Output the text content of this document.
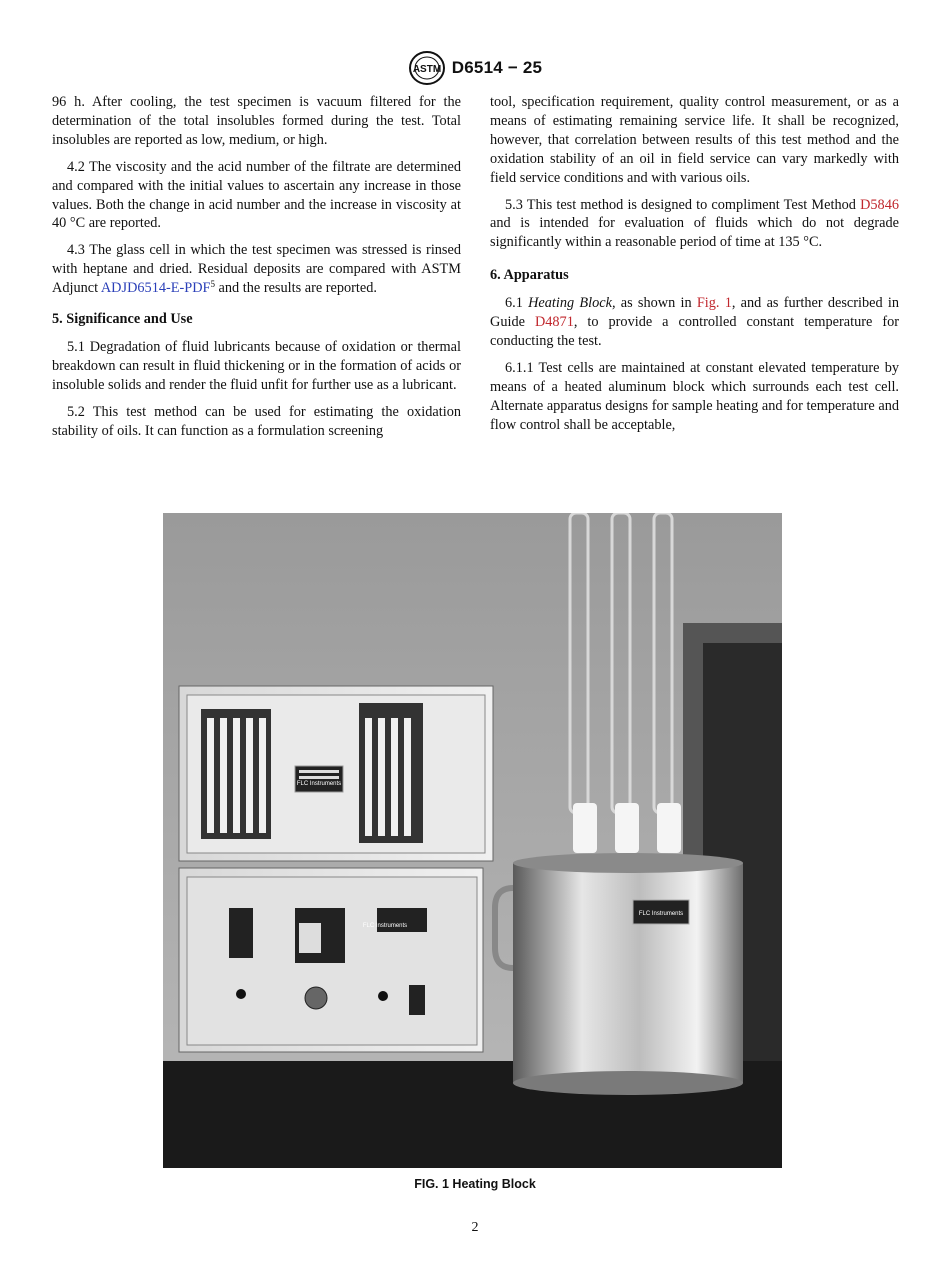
ASTM D6514 − 25

96 h. After cooling, the test specimen is vacuum filtered for the determination of the total insolubles formed during the test. Total insolubles are reported as low, medium, or high.

4.2 The viscosity and the acid number of the filtrate are determined and compared with the initial values to ascertain any increase in those values. Both the change in acid number and the increase in viscosity at 40 °C are reported.

4.3 The glass cell in which the test specimen was stressed is rinsed with heptane and dried. Residual deposits are compared with ASTM Adjunct ADJD6514-E-PDF$^5$ and the results are reported.

5. Significance and Use

5.1 Degradation of fluid lubricants because of oxidation or thermal breakdown can result in fluid thickening or in the formation of acids or insoluble solids and render the fluid unfit for further use as a lubricant.

5.2 This test method can be used for estimating the oxidation stability of oils. It can function as a formulation screening

tool, specification requirement, quality control measurement, or as a means of estimating remaining service life. It shall be recognized, however, that correlation between results of this test method and the oxidation stability of an oil in field service can vary markedly with field service conditions and with various oils.

5.3 This test method is designed to compliment Test Method D5846 and is intended for evaluation of fluids which do not degrade significantly within a reasonable period of time at 135 °C.

6. Apparatus

6.1 Heating Block, as shown in Fig. 1, and as further described in Guide D4871, to provide a controlled constant temperature for conducting the test.

6.1.1 Test cells are maintained at constant elevated temperature by means of a heated aluminum block which surrounds each test cell. Alternate apparatus designs for sample heating and for temperature and flow control shall be acceptable,

FLC Instruments
FLC Instruments
FLC Instruments
FIG. 1 Heating Block
2
